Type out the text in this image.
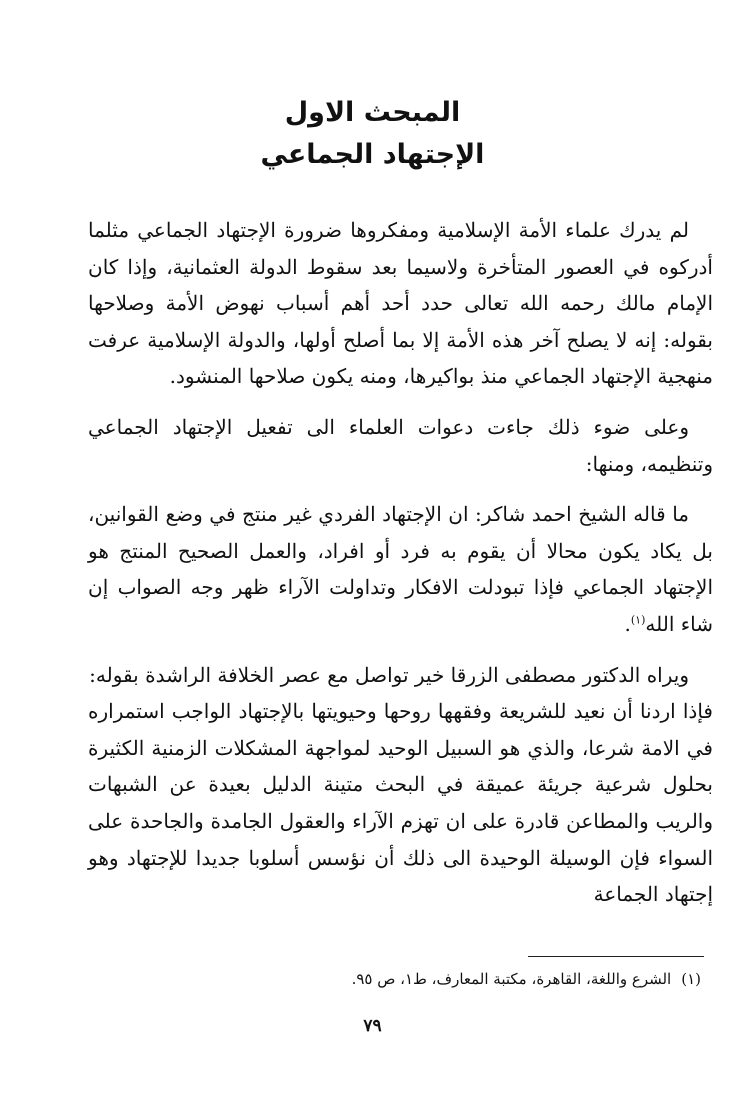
المبحث الاول

الإجتهاد الجماعي

لم يدرك علماء الأمة الإسلامية ومفكروها ضرورة الإجتهاد الجماعي مثلما أدركوه في العصور المتأخرة ولاسيما بعد سقوط الدولة العثمانية، وإذا كان الإمام مالك رحمه الله تعالى حدد أحد أهم أسباب نهوض الأمة وصلاحها بقوله: إنه لا يصلح آخر هذه الأمة إلا بما أصلح أولها، والدولة الإسلامية عرفت منهجية الإجتهاد الجماعي منذ بواكيرها، ومنه يكون صلاحها المنشود.

وعلى ضوء ذلك جاءت دعوات العلماء الى تفعيل الإجتهاد الجماعي وتنظيمه، ومنها:

ما قاله الشيخ احمد شاكر: ان الإجتهاد الفردي غير منتج في وضع القوانين، بل يكاد يكون محالا أن يقوم به فرد أو افراد، والعمل الصحيح المنتج هو الإجتهاد الجماعي فإذا تبودلت الافكار وتداولت الآراء ظهر وجه الصواب إن شاء الله$^{(١)}$.

ويراه الدكتور مصطفى الزرقا خير تواصل مع عصر الخلافة الراشدة بقوله:

فإذا اردنا أن نعيد للشريعة وفقهها روحها وحيويتها بالإجتهاد الواجب استمراره في الامة شرعا، والذي هو السبيل الوحيد لمواجهة المشكلات الزمنية الكثيرة بحلول شرعية جريئة عميقة في البحث متينة الدليل بعيدة عن الشبهات والريب والمطاعن قادرة على ان تهزم الآراء والعقول الجامدة والجاحدة على السواء فإن الوسيلة الوحيدة الى ذلك أن نؤسس أسلوبا جديدا للإجتهاد وهو إجتهاد الجماعة

(١)الشرع واللغة، القاهرة، مكتبة المعارف، ط١، ص ٩٥.
٧٩
